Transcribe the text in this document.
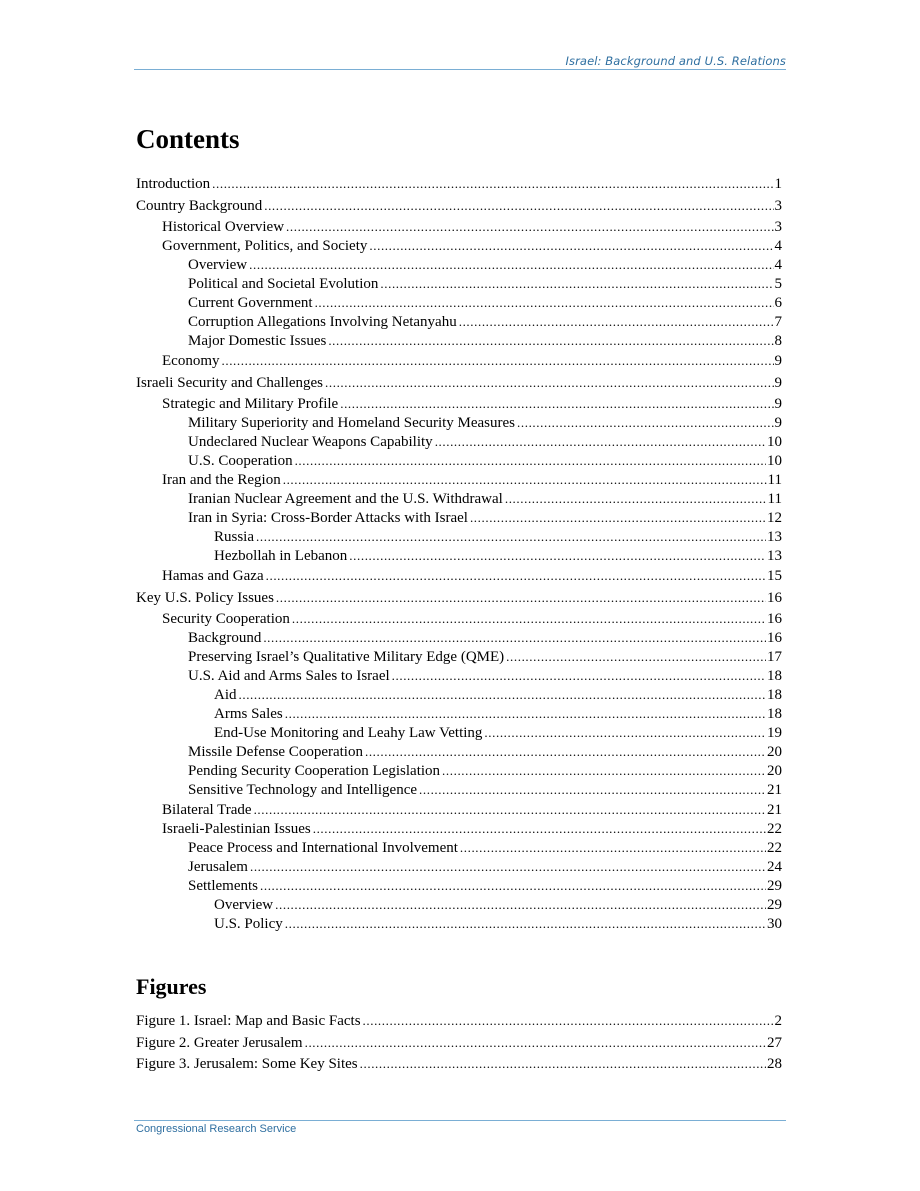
Israel: Background and U.S. Relations
Contents
Introduction .....	1
Country Background .....	3
Historical Overview .....	3
Government, Politics, and Society .....	4
Overview .....	4
Political and Societal Evolution .....	5
Current Government .....	6
Corruption Allegations Involving Netanyahu .....	7
Major Domestic Issues .....	8
Economy .....	9
Israeli Security and Challenges .....	9
Strategic and Military Profile .....	9
Military Superiority and Homeland Security Measures .....	9
Undeclared Nuclear Weapons Capability .....	10
U.S. Cooperation .....	10
Iran and the Region .....	11
Iranian Nuclear Agreement and the U.S. Withdrawal .....	11
Iran in Syria: Cross-Border Attacks with Israel .....	12
Russia .....	13
Hezbollah in Lebanon .....	13
Hamas and Gaza .....	15
Key U.S. Policy Issues .....	16
Security Cooperation .....	16
Background .....	16
Preserving Israel’s Qualitative Military Edge (QME) .....	17
U.S. Aid and Arms Sales to Israel .....	18
Aid .....	18
Arms Sales .....	18
End-Use Monitoring and Leahy Law Vetting .....	19
Missile Defense Cooperation .....	20
Pending Security Cooperation Legislation .....	20
Sensitive Technology and Intelligence .....	21
Bilateral Trade .....	21
Israeli-Palestinian Issues .....	22
Peace Process and International Involvement .....	22
Jerusalem .....	24
Settlements .....	29
Overview .....	29
U.S. Policy .....	30
Figures
Figure 1. Israel: Map and Basic Facts .....	2
Figure 2. Greater Jerusalem .....	27
Figure 3. Jerusalem: Some Key Sites .....	28
Congressional Research Service
